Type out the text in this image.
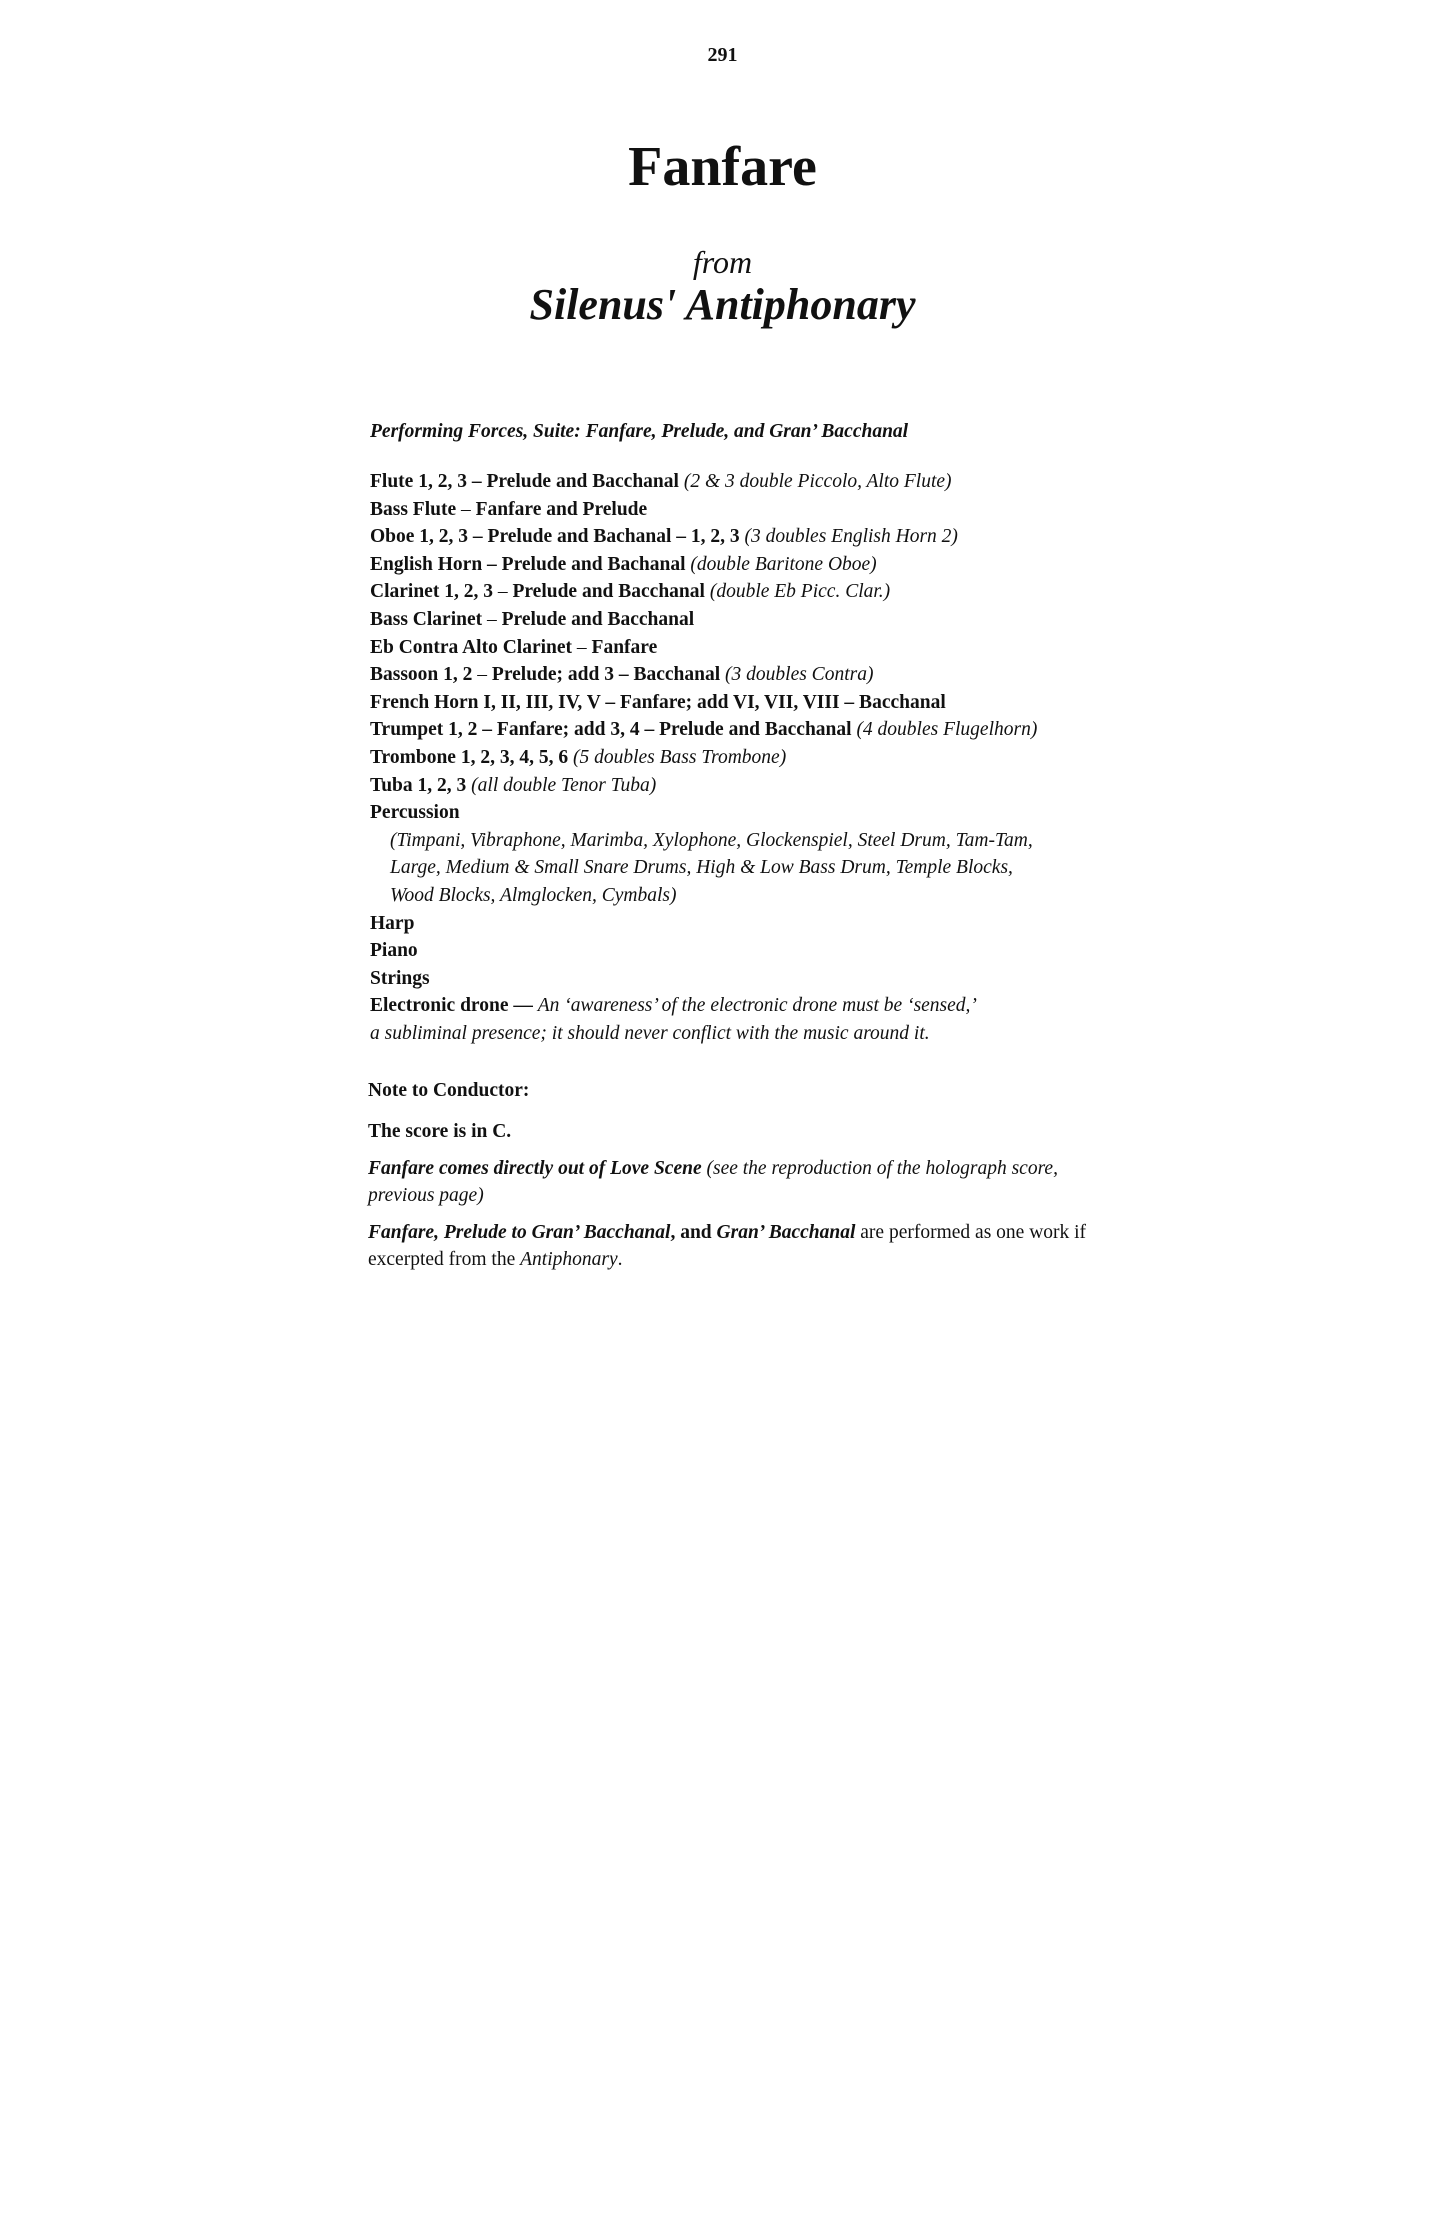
291
Fanfare
from
Silenus' Antiphonary
Performing Forces, Suite: Fanfare, Prelude, and Gran’ Bacchanal
Flute 1, 2, 3 – Prelude and Bacchanal (2 & 3 double Piccolo, Alto Flute)
Bass Flute – Fanfare and Prelude
Oboe 1, 2, 3 – Prelude and Bachanal – 1, 2, 3 (3 doubles English Horn 2)
English Horn – Prelude and Bachanal (double Baritone Oboe)
Clarinet 1, 2, 3 – Prelude and Bacchanal (double Eb Picc. Clar.)
Bass Clarinet – Prelude and Bacchanal
Eb Contra Alto Clarinet – Fanfare
Bassoon 1, 2 – Prelude; add 3 – Bacchanal (3 doubles Contra)
French Horn I, II, III, IV, V – Fanfare; add VI, VII, VIII – Bacchanal
Trumpet 1, 2 – Fanfare; add 3, 4 – Prelude and Bacchanal (4 doubles Flugelhorn)
Trombone 1, 2, 3, 4, 5, 6 (5 doubles Bass Trombone)
Tuba 1, 2, 3 (all double Tenor Tuba)
Percussion
(Timpani, Vibraphone, Marimba, Xylophone, Glockenspiel, Steel Drum, Tam-Tam,
Large, Medium & Small Snare Drums, High & Low Bass Drum, Temple Blocks,
Wood Blocks, Almglocken, Cymbals)
Harp
Piano
Strings
Electronic drone — An ‘awareness’ of the electronic drone must be ‘sensed,’
a subliminal presence; it should never conflict with the music around it.

Note to Conductor:

The score is in C.

Fanfare comes directly out of Love Scene (see the reproduction of the holograph score, previous page)

Fanfare, Prelude to Gran’ Bacchanal, and Gran’ Bacchanal are performed as one work if excerpted from the Antiphonary.
